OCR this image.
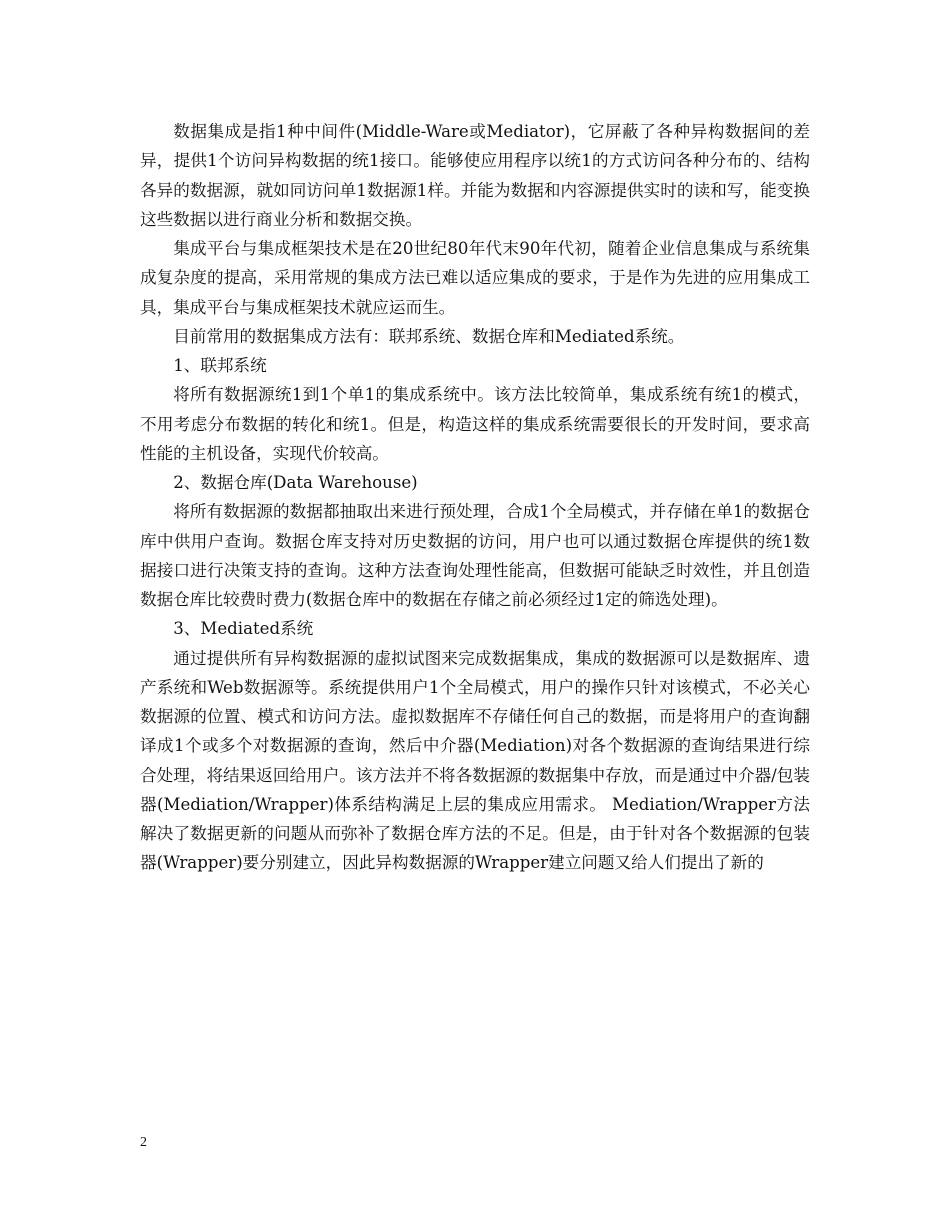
数据集成是指1种中间件(Middle-Ware或Mediator)，它屏蔽了各种异构数据间的差异，提供1个访问异构数据的统1接口。能够使应用程序以统1的方式访问各种分布的、结构各异的数据源，就如同访问单1数据源1样。并能为数据和内容源提供实时的读和写，能变换这些数据以进行商业分析和数据交换。

集成平台与集成框架技术是在20世纪80年代末90年代初，随着企业信息集成与系统集成复杂度的提高，采用常规的集成方法已难以适应集成的要求，于是作为先进的应用集成工具，集成平台与集成框架技术就应运而生。

目前常用的数据集成方法有：联邦系统、数据仓库和Mediated系统。

1、联邦系统

将所有数据源统1到1个单1的集成系统中。该方法比较简单，集成系统有统1的模式，不用考虑分布数据的转化和统1。但是，构造这样的集成系统需要很长的开发时间，要求高性能的主机设备，实现代价较高。

2、数据仓库(Data Warehouse)

将所有数据源的数据都抽取出来进行预处理，合成1个全局模式，并存储在单1的数据仓库中供用户查询。数据仓库支持对历史数据的访问，用户也可以通过数据仓库提供的统1数据接口进行决策支持的查询。这种方法查询处理性能高，但数据可能缺乏时效性，并且创造数据仓库比较费时费力(数据仓库中的数据在存储之前必须经过1定的筛选处理)。

3、Mediated系统

通过提供所有异构数据源的虚拟试图来完成数据集成，集成的数据源可以是数据库、遗产系统和Web数据源等。系统提供用户1个全局模式，用户的操作只针对该模式，不必关心数据源的位置、模式和访问方法。虚拟数据库不存储任何自己的数据，而是将用户的查询翻译成1个或多个对数据源的查询，然后中介器(Mediation)对各个数据源的查询结果进行综合处理，将结果返回给用户。该方法并不将各数据源的数据集中存放，而是通过中介器/包装器(Mediation/Wrapper)体系结构满足上层的集成应用需求。 Mediation/Wrapper方法解决了数据更新的问题从而弥补了数据仓库方法的不足。但是，由于针对各个数据源的包装器(Wrapper)要分别建立，因此异构数据源的Wrapper建立问题又给人们提出了新的

2
